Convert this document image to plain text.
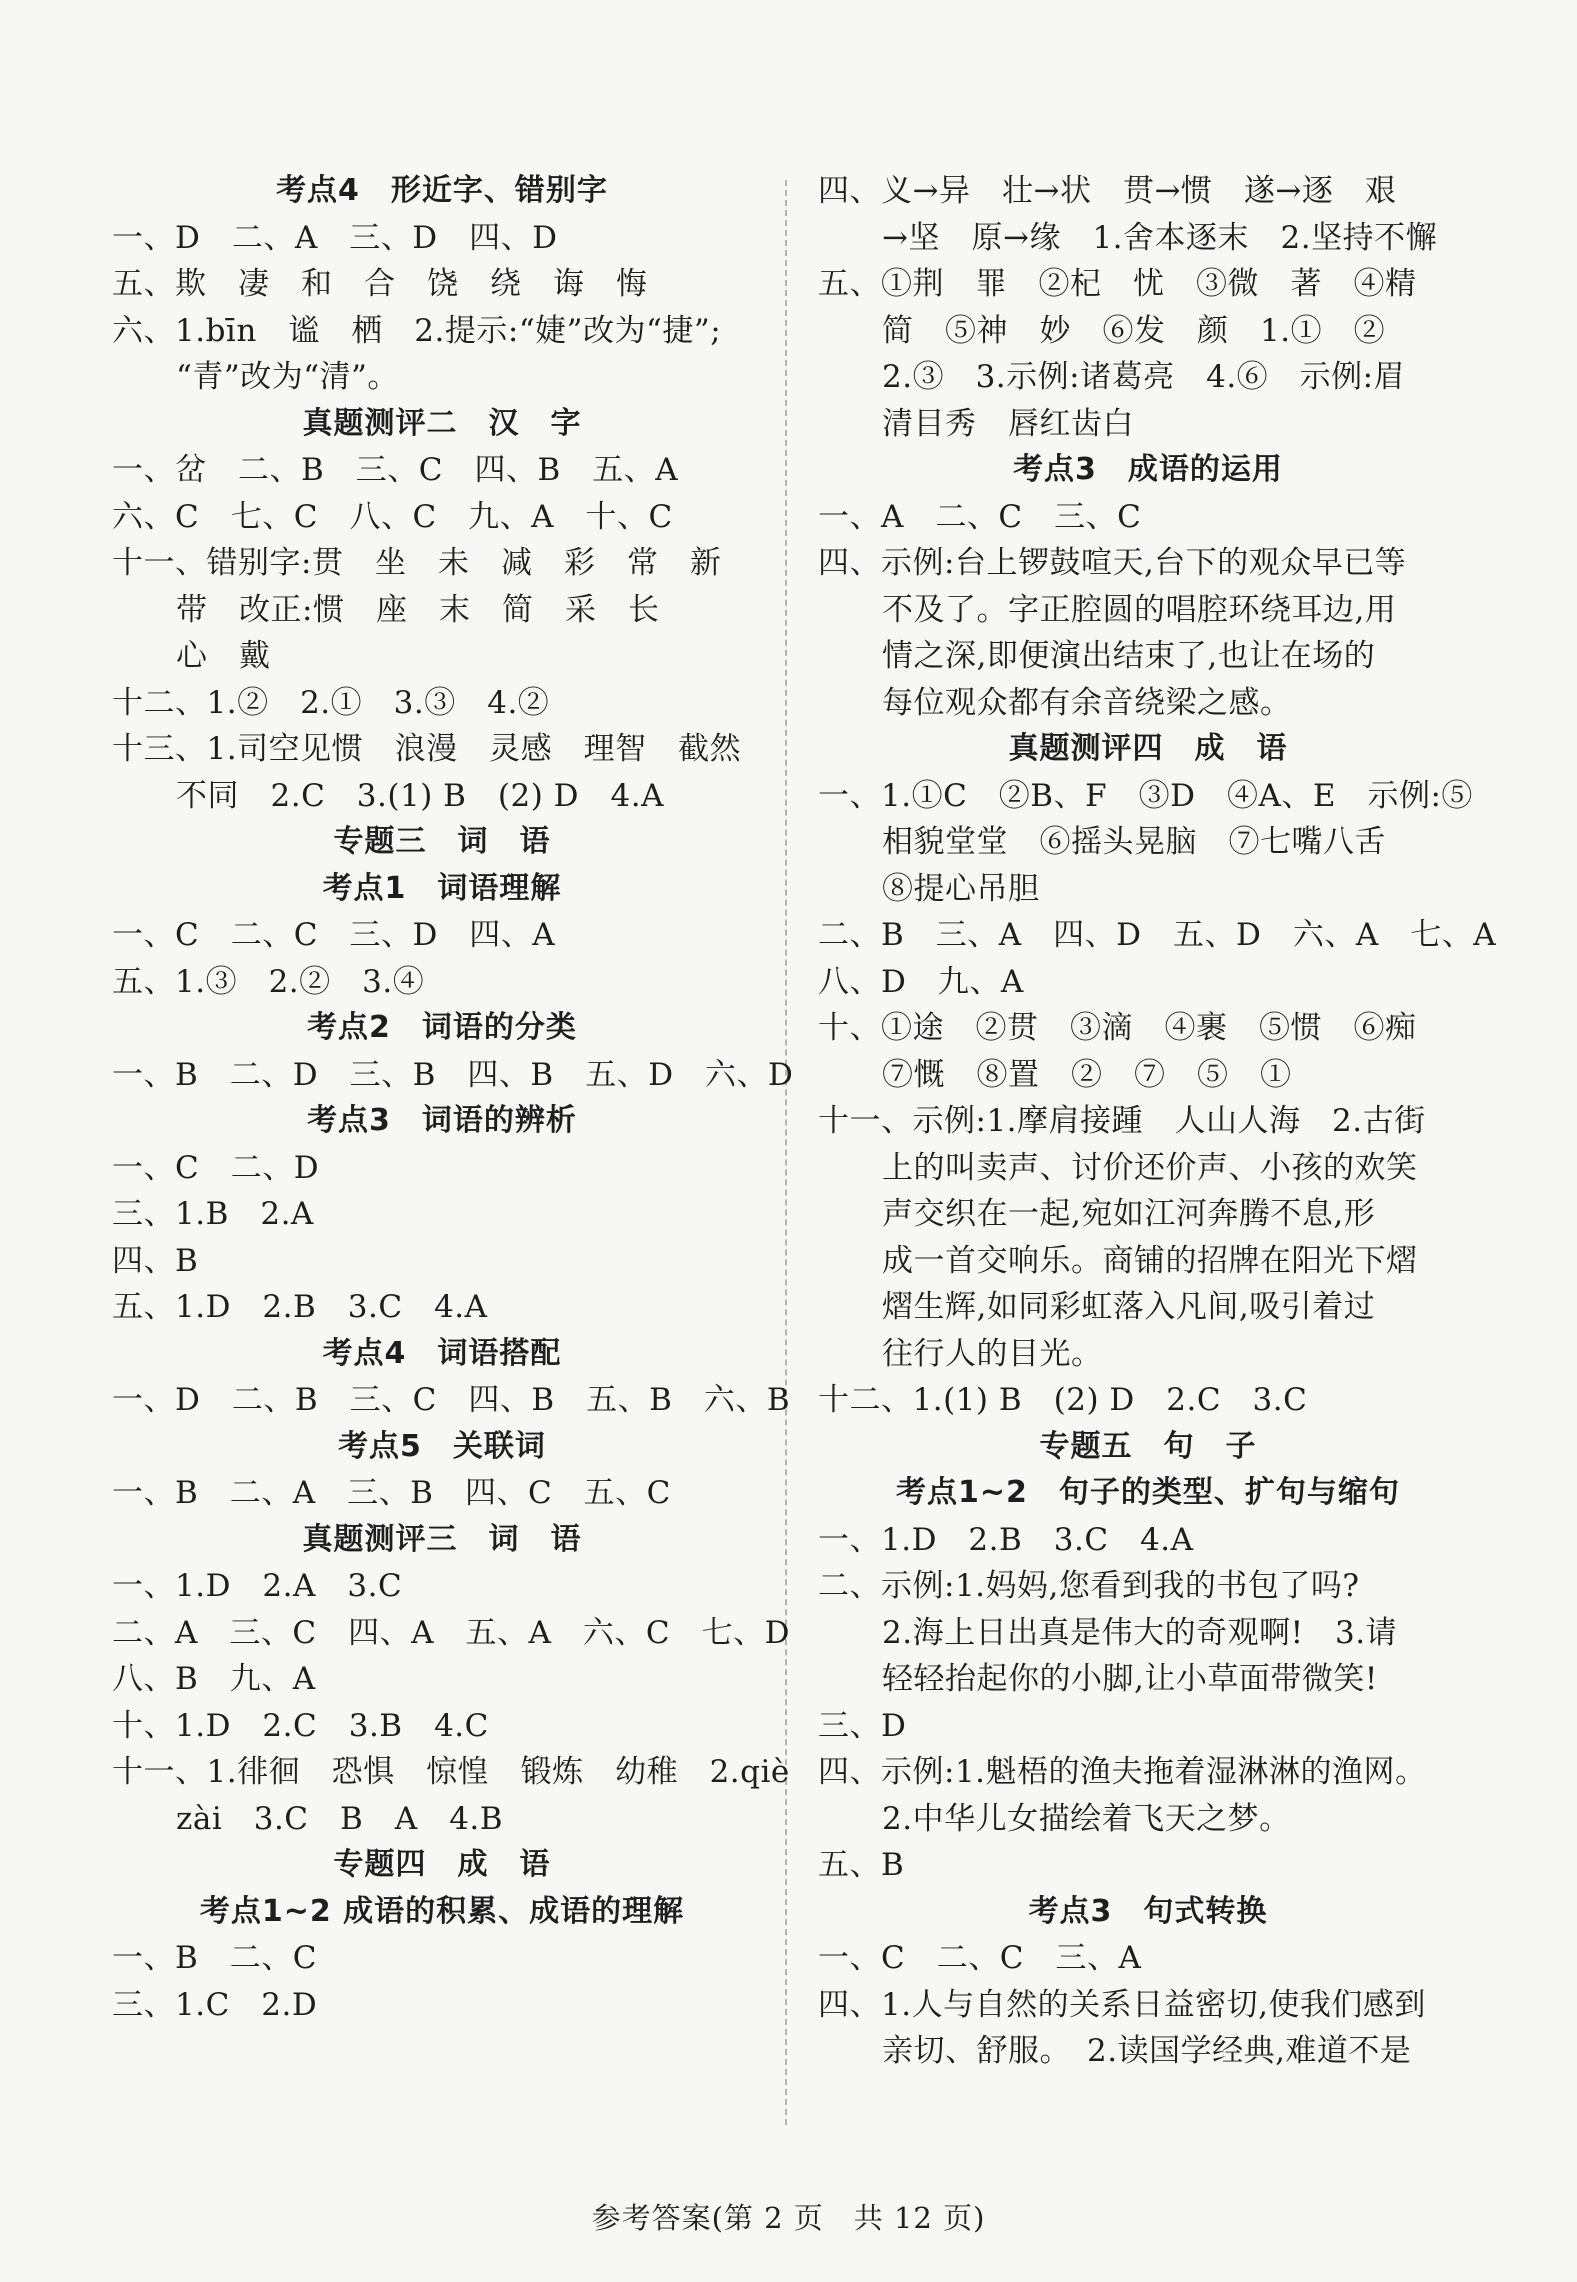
考点4　形近字、错别字
一、D　二、A　三、D　四、D
五、欺　凄　和　合　饶　绕　诲　悔
六、1.bīn　谧　栖　2.提示:“婕”改为“捷”;
“青”改为“清”。
真题测评二　汉　字
一、岔　二、B　三、C　四、B　五、A
六、C　七、C　八、C　九、A　十、C
十一、错别字:贯　坐　未　减　彩　常　新
带　改正:惯　座　末　简　采　长
心　戴
十二、1.②　2.①　3.③　4.②
十三、1.司空见惯　浪漫　灵感　理智　截然
不同　2.C　3.(1) B　(2) D　4.A
专题三　词　语
考点1　词语理解
一、C　二、C　三、D　四、A
五、1.③　2.②　3.④
考点2　词语的分类
一、B　二、D　三、B　四、B　五、D　六、D
考点3　词语的辨析
一、C　二、D
三、1.B　2.A
四、B
五、1.D　2.B　3.C　4.A
考点4　词语搭配
一、D　二、B　三、C　四、B　五、B　六、B
考点5　关联词
一、B　二、A　三、B　四、C　五、C
真题测评三　词　语
一、1.D　2.A　3.C
二、A　三、C　四、A　五、A　六、C　七、D
八、B　九、A
十、1.D　2.C　3.B　4.C
十一、1.徘徊　恐惧　惊惶　锻炼　幼稚　2.qiè
zài　3.C　B　A　4.B
专题四　成　语
考点1~2 成语的积累、成语的理解
一、B　二、C
三、1.C　2.D
四、义→异　壮→状　贯→惯　遂→逐　艰
→坚　原→缘　1.舍本逐末　2.坚持不懈
五、①荆　罪　②杞　忧　③微　著　④精
简　⑤神　妙　⑥发　颜　1.①　②
2.③　3.示例:诸葛亮　4.⑥　示例:眉
清目秀　唇红齿白
考点3　成语的运用
一、A　二、C　三、C
四、示例:台上锣鼓喧天,台下的观众早已等
不及了。字正腔圆的唱腔环绕耳边,用
情之深,即便演出结束了,也让在场的
每位观众都有余音绕梁之感。
真题测评四　成　语
一、1.①C　②B、F　③D　④A、E　示例:⑤
相貌堂堂　⑥摇头晃脑　⑦七嘴八舌
⑧提心吊胆
二、B　三、A　四、D　五、D　六、A　七、A
八、D　九、A
十、①途　②贯　③滴　④裹　⑤惯　⑥痴
⑦慨　⑧置　②　⑦　⑤　①
十一、示例:1.摩肩接踵　人山人海　2.古街
上的叫卖声、讨价还价声、小孩的欢笑
声交织在一起,宛如江河奔腾不息,形
成一首交响乐。商铺的招牌在阳光下熠
熠生辉,如同彩虹落入凡间,吸引着过
往行人的目光。
十二、1.(1) B　(2) D　2.C　3.C
专题五　句　子
考点1~2　句子的类型、扩句与缩句
一、1.D　2.B　3.C　4.A
二、示例:1.妈妈,您看到我的书包了吗?
2.海上日出真是伟大的奇观啊!　3.请
轻轻抬起你的小脚,让小草面带微笑!
三、D
四、示例:1.魁梧的渔夫拖着湿淋淋的渔网。
2.中华儿女描绘着飞天之梦。
五、B
考点3　句式转换
一、C　二、C　三、A
四、1.人与自然的关系日益密切,使我们感到
亲切、舒服。　2.读国学经典,难道不是
参考答案(第 2 页　共 12 页)
